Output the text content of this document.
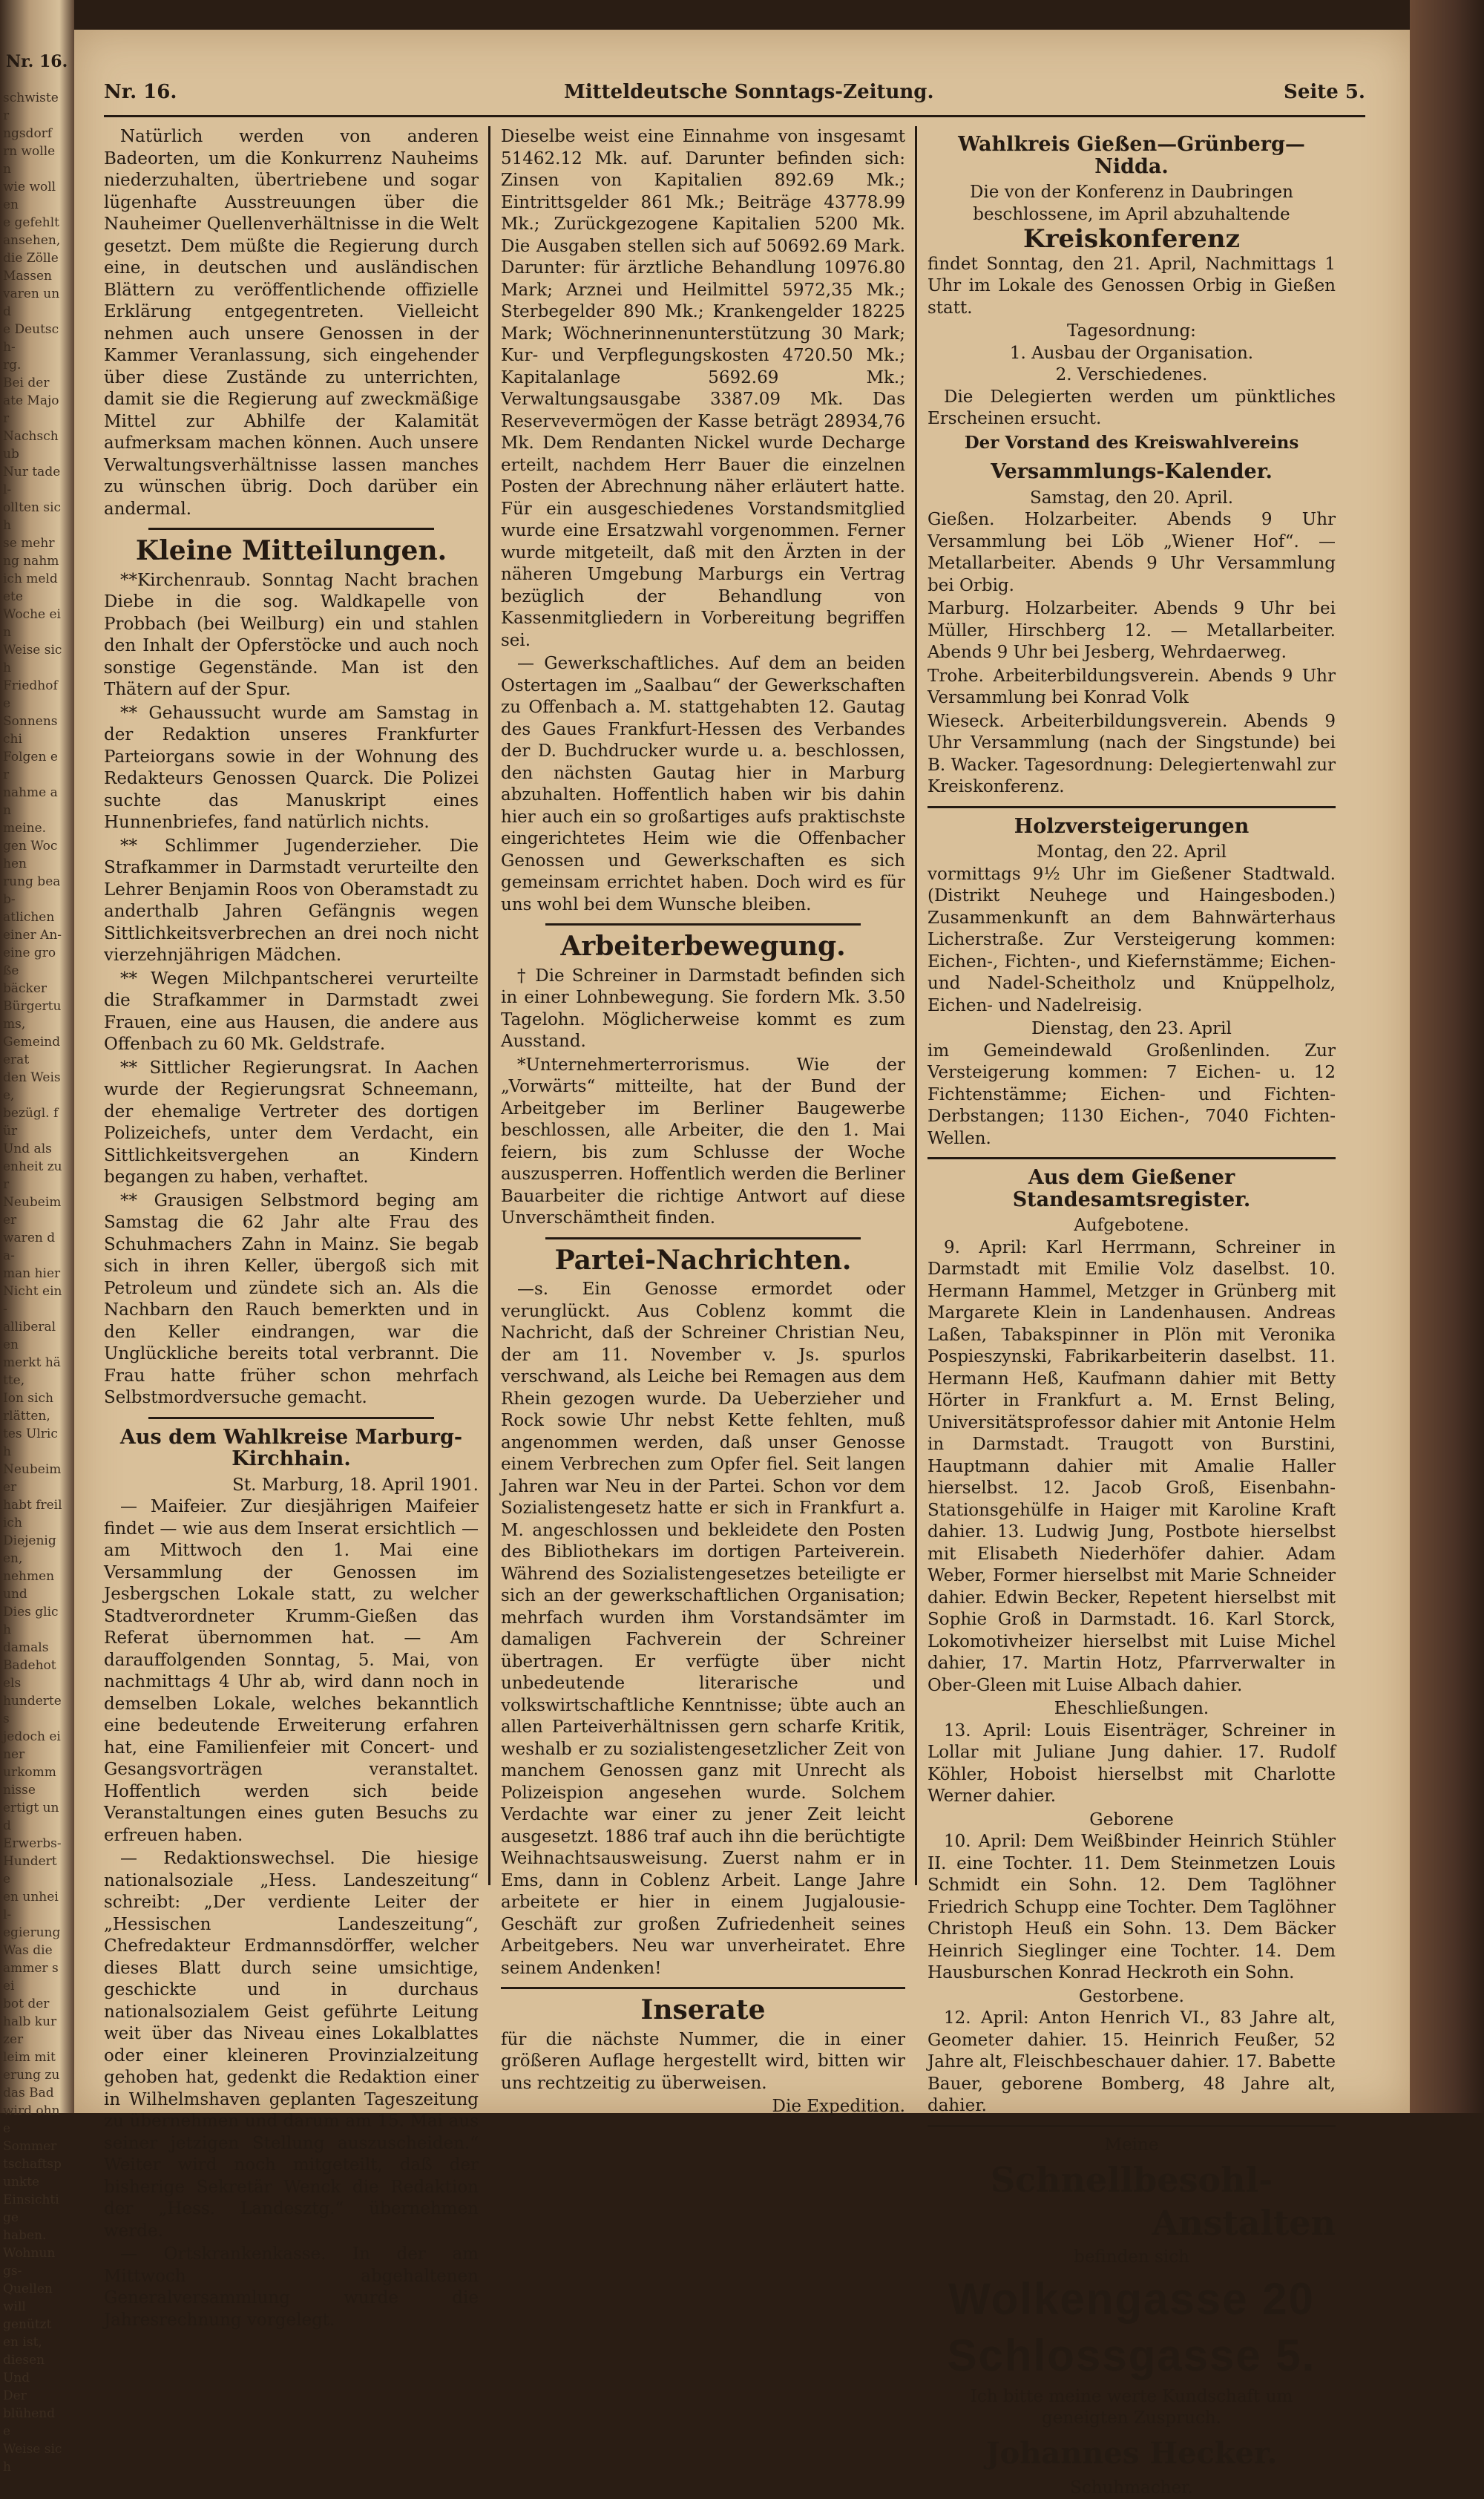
Nr. 16.
schwister
ngsdorf
rn wollen
wie wollen
e gefehlt
ansehen,
die Zölle
Massen
varen und
e Deutsch-
rg.
Bei der
ate Major
Nachschub
Nur tadel-
ollten sich
se mehr
ng nahm
ich meldete
Woche ein
Weise sich
Friedhofe
Sonnenschi
Folgen er
nahme an
meine.
gen Wochen
rung beab-
atlichen
einer An-
eine große
bäcker
Bürgertums,
Gemeinderat
den Weise,
bezügl. für
Und als
enheit zur
Neubeimer
waren da-
man hier
Nicht ein-
alliberalen
merkt hätte,
Ion sich
rlätten,
tes Ulrich
Neubeimer
habt freilich
Diejenigen,
nehmen und
Dies glich
damals
Badehotels
hundertes
jedoch einer
urkommnisse
ertigt und
Erwerbs-
Hunderte
en unheil-
egierung
Was die
ammer sei
bot der
halb kurzer
leim mit
erung zu
das Bad
wird ohne
Sommer
tschaftspunkte
Einsichtige
haben.
Wohnungs-
Quellen will
genützt
en ist,
diesen
Und
Der
blühende
Weise sich
Nr. 16.	Mitteldeutsche Sonntags-Zeitung.	Seite 5.

Natürlich werden von anderen Badeorten, um die Konkurrenz Nauheims niederzuhalten, übertriebene und sogar lügenhafte Ausstreuungen über die Nauheimer Quellenverhältnisse in die Welt gesetzt. Dem müßte die Regierung durch eine, in deutschen und ausländischen Blättern zu veröffentlichende offizielle Erklärung entgegentreten. Vielleicht nehmen auch unsere Genossen in der Kammer Veranlassung, sich eingehender über diese Zustände zu unterrichten, damit sie die Regierung auf zweckmäßige Mittel zur Abhilfe der Kalamität aufmerksam machen können. Auch unsere Verwaltungsverhältnisse lassen manches zu wünschen übrig. Doch darüber ein andermal.

Kleine Mitteilungen.

**Kirchenraub. Sonntag Nacht brachen Diebe in die sog. Waldkapelle von Probbach (bei Weilburg) ein und stahlen den Inhalt der Opferstöcke und auch noch sonstige Gegenstände. Man ist den Thätern auf der Spur.

** Gehaussucht wurde am Samstag in der Redaktion unseres Frankfurter Parteiorgans sowie in der Wohnung des Redakteurs Genossen Quarck. Die Polizei suchte das Manuskript eines Hunnenbriefes, fand natürlich nichts.

** Schlimmer Jugenderzieher. Die Strafkammer in Darmstadt verurteilte den Lehrer Benjamin Roos von Oberamstadt zu anderthalb Jahren Gefängnis wegen Sittlichkeitsverbrechen an drei noch nicht vierzehnjährigen Mädchen.

** Wegen Milchpantscherei verurteilte die Strafkammer in Darmstadt zwei Frauen, eine aus Hausen, die andere aus Offenbach zu 60 Mk. Geldstrafe.

** Sittlicher Regierungsrat. In Aachen wurde der Regierungsrat Schneemann, der ehemalige Vertreter des dortigen Polizeichefs, unter dem Verdacht, ein Sittlichkeitsvergehen an Kindern begangen zu haben, verhaftet.

** Grausigen Selbstmord beging am Samstag die 62 Jahr alte Frau des Schuhmachers Zahn in Mainz. Sie begab sich in ihren Keller, übergoß sich mit Petroleum und zündete sich an. Als die Nachbarn den Rauch bemerkten und in den Keller eindrangen, war die Unglückliche bereits total verbrannt. Die Frau hatte früher schon mehrfach Selbstmordversuche gemacht.

Aus dem Wahlkreise Marburg-Kirchhain.

St. Marburg, 18. April 1901.

— Maifeier. Zur diesjährigen Maifeier findet — wie aus dem Inserat ersichtlich — am Mittwoch den 1. Mai eine Versammlung der Genossen im Jesbergschen Lokale statt, zu welcher Stadtverordneter Krumm-Gießen das Referat übernommen hat. — Am darauffolgenden Sonntag, 5. Mai, von nachmittags 4 Uhr ab, wird dann noch in demselben Lokale, welches bekanntlich eine bedeutende Erweiterung erfahren hat, eine Familienfeier mit Concert- und Gesangsvorträgen veranstaltet. Hoffentlich werden sich beide Veranstaltungen eines guten Besuchs zu erfreuen haben.

— Redaktionswechsel. Die hiesige nationalsoziale „Hess. Landeszeitung“ schreibt: „Der verdiente Leiter der „Hessischen Landeszeitung“, Chefredakteur Erdmannsdörffer, welcher dieses Blatt durch seine umsichtige, geschickte und in durchaus nationalsozialem Geist geführte Leitung weit über das Niveau eines Lokalblattes oder einer kleineren Provinzialzeitung gehoben hat, gedenkt die Redaktion einer in Wilhelmshaven geplanten Tageszeitung zu übernehmen und darum am 15. Mai aus seiner jetzigen Stellung auszuscheiden.“ Weiter wird noch mitgeteilt, daß der bisherige Sekretär Wenck die Redaktion der „Hess. Landesztg.“ übernehmen werde.

— Ortskrankenkasse. In der am Mittwoch abgehaltenen Generalversammlung wurde die Jahresrechnung vorgelegt.

Dieselbe weist eine Einnahme von insgesamt 51462.12 Mk. auf. Darunter befinden sich: Zinsen von Kapitalien 892.69 Mk.; Eintrittsgelder 861 Mk.; Beiträge 43778.99 Mk.; Zurückgezogene Kapitalien 5200 Mk. Die Ausgaben stellen sich auf 50692.69 Mark. Darunter: für ärztliche Behandlung 10976.80 Mark; Arznei und Heilmittel 5972,35 Mk.; Sterbegelder 890 Mk.; Krankengelder 18225 Mark; Wöchnerinnenunterstützung 30 Mark; Kur- und Verpflegungskosten 4720.50 Mk.; Kapitalanlage 5692.69 Mk.; Verwaltungsausgabe 3387.09 Mk. Das Reservevermögen der Kasse beträgt 28934,76 Mk. Dem Rendanten Nickel wurde Decharge erteilt, nachdem Herr Bauer die einzelnen Posten der Abrechnung näher erläutert hatte. Für ein ausgeschiedenes Vorstandsmitglied wurde eine Ersatzwahl vorgenommen. Ferner wurde mitgeteilt, daß mit den Ärzten in der näheren Umgebung Marburgs ein Vertrag bezüglich der Behandlung von Kassenmitgliedern in Vorbereitung begriffen sei.

— Gewerkschaftliches. Auf dem an beiden Ostertagen im „Saalbau“ der Gewerkschaften zu Offenbach a. M. stattgehabten 12. Gautag des Gaues Frankfurt-Hessen des Verbandes der D. Buchdrucker wurde u. a. beschlossen, den nächsten Gautag hier in Marburg abzuhalten. Hoffentlich haben wir bis dahin hier auch ein so großartiges aufs praktischste eingerichtetes Heim wie die Offenbacher Genossen und Gewerkschaften es sich gemeinsam errichtet haben. Doch wird es für uns wohl bei dem Wunsche bleiben.

Arbeiterbewegung.

† Die Schreiner in Darmstadt befinden sich in einer Lohnbewegung. Sie fordern Mk. 3.50 Tagelohn. Möglicherweise kommt es zum Ausstand.

*Unternehmerterrorismus. Wie der „Vorwärts“ mitteilte, hat der Bund der Arbeitgeber im Berliner Baugewerbe beschlossen, alle Arbeiter, die den 1. Mai feiern, bis zum Schlusse der Woche auszusperren. Hoffentlich werden die Berliner Bauarbeiter die richtige Antwort auf diese Unverschämtheit finden.

Partei-Nachrichten.

—s. Ein Genosse ermordet oder verunglückt. Aus Coblenz kommt die Nachricht, daß der Schreiner Christian Neu, der am 11. November v. Js. spurlos verschwand, als Leiche bei Remagen aus dem Rhein gezogen wurde. Da Ueberzieher und Rock sowie Uhr nebst Kette fehlten, muß angenommen werden, daß unser Genosse einem Verbrechen zum Opfer fiel. Seit langen Jahren war Neu in der Partei. Schon vor dem Sozialistengesetz hatte er sich in Frankfurt a. M. angeschlossen und bekleidete den Posten des Bibliothekars im dortigen Parteiverein. Während des Sozialistengesetzes beteiligte er sich an der gewerkschaftlichen Organisation; mehrfach wurden ihm Vorstandsämter im damaligen Fachverein der Schreiner übertragen. Er verfügte über nicht unbedeutende literarische und volkswirtschaftliche Kenntnisse; übte auch an allen Parteiverhältnissen gern scharfe Kritik, weshalb er zu sozialistengesetzlicher Zeit von manchem Genossen ganz mit Unrecht als Polizeispion angesehen wurde. Solchem Verdachte war einer zu jener Zeit leicht ausgesetzt. 1886 traf auch ihn die berüchtigte Weihnachtsausweisung. Zuerst nahm er in Ems, dann in Coblenz Arbeit. Lange Jahre arbeitete er hier in einem Jugjalousie-Geschäft zur großen Zufriedenheit seines Arbeitgebers. Neu war unverheiratet. Ehre seinem Andenken!

Inserate

für die nächste Nummer, die in einer größeren Auflage hergestellt wird, bitten wir uns rechtzeitig zu überweisen.

Die Expedition.

Wahlkreis Gießen—Grünberg—Nidda.

Die von der Konferenz in Daubringen beschlossene, im April abzuhaltende

Kreiskonferenz

findet Sonntag, den 21. April, Nachmittags 1 Uhr im Lokale des Genossen Orbig in Gießen statt.

Tagesordnung:

1. Ausbau der Organisation.

2. Verschiedenes.

Die Delegierten werden um pünktliches Erscheinen ersucht.

Der Vorstand des Kreiswahlvereins

Versammlungs-Kalender.

Samstag, den 20. April.

Gießen. Holzarbeiter. Abends 9 Uhr Versammlung bei Löb „Wiener Hof“. — Metallarbeiter. Abends 9 Uhr Versammlung bei Orbig.

Marburg. Holzarbeiter. Abends 9 Uhr bei Müller, Hirschberg 12. — Metallarbeiter. Abends 9 Uhr bei Jesberg, Wehrdaerweg.

Trohe. Arbeiterbildungsverein. Abends 9 Uhr Versammlung bei Konrad Volk

Wieseck. Arbeiterbildungsverein. Abends 9 Uhr Versammlung (nach der Singstunde) bei B. Wacker. Tagesordnung: Delegiertenwahl zur Kreiskonferenz.

Holzversteigerungen

Montag, den 22. April

vormittags 9½ Uhr im Gießener Stadtwald. (Distrikt Neuhege und Haingesboden.) Zusammenkunft an dem Bahnwärterhaus Licherstraße. Zur Versteigerung kommen: Eichen-, Fichten-, und Kiefernstämme; Eichen- und Nadel-Scheitholz und Knüppelholz, Eichen- und Nadelreisig.

Dienstag, den 23. April

im Gemeindewald Großenlinden. Zur Versteigerung kommen: 7 Eichen- u. 12 Fichtenstämme; Eichen- und Fichten-Derbstangen; 1130 Eichen-, 7040 Fichten-Wellen.

Aus dem Gießener Standesamtsregister.

Aufgebotene.

9. April: Karl Herrmann, Schreiner in Darmstadt mit Emilie Volz daselbst. 10. Hermann Hammel, Metzger in Grünberg mit Margarete Klein in Landenhausen. Andreas Laßen, Tabakspinner in Plön mit Veronika Pospieszynski, Fabrikarbeiterin daselbst. 11. Hermann Heß, Kaufmann dahier mit Betty Hörter in Frankfurt a. M. Ernst Beling, Universitätsprofessor dahier mit Antonie Helm in Darmstadt. Traugott von Burstini, Hauptmann dahier mit Amalie Haller hierselbst. 12. Jacob Groß, Eisenbahn-Stationsgehülfe in Haiger mit Karoline Kraft dahier. 13. Ludwig Jung, Postbote hierselbst mit Elisabeth Niederhöfer dahier. Adam Weber, Former hierselbst mit Marie Schneider dahier. Edwin Becker, Repetent hierselbst mit Sophie Groß in Darmstadt. 16. Karl Storck, Lokomotivheizer hierselbst mit Luise Michel dahier, 17. Martin Hotz, Pfarrverwalter in Ober-Gleen mit Luise Albach dahier.

Eheschließungen.

13. April: Louis Eisenträger, Schreiner in Lollar mit Juliane Jung dahier. 17. Rudolf Köhler, Hoboist hierselbst mit Charlotte Werner dahier.

Geborene

10. April: Dem Weißbinder Heinrich Stühler II. eine Tochter. 11. Dem Steinmetzen Louis Schmidt ein Sohn. 12. Dem Taglöhner Friedrich Schupp eine Tochter. Dem Taglöhner Christoph Heuß ein Sohn. 13. Dem Bäcker Heinrich Sieglinger eine Tochter. 14. Dem Hausburschen Konrad Heckroth ein Sohn.

Gestorbene.

12. April: Anton Henrich VI., 83 Jahre alt, Geometer dahier. 15. Heinrich Feußer, 52 Jahre alt, Fleischbeschauer dahier. 17. Babette Bauer, geborene Bomberg, 48 Jahre alt, dahier.

Meine

Schnellbesohl-
Anstalten

befinden sich

Wolkengasse 20
Schlossgasse 5.

Ich bitte meine werte Kundschaft um geneigten Zuspruch.

Johannes Hecker.

Schuhmacher.
